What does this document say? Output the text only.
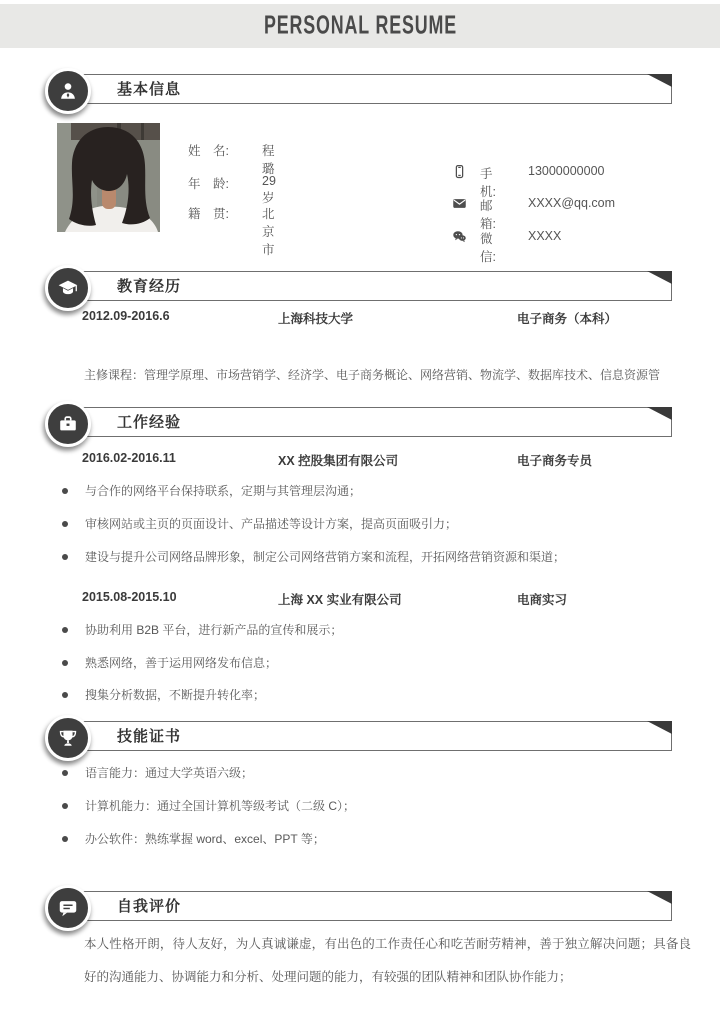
PERSONAL RESUME
基本信息
姓　名:	程璐
年　龄:	29 岁
籍　贯:	北京市
手机:
13000000000
邮箱:
XXXX@qq.com
微信:
XXXX
教育经历
2012.09-2016.6	上海科技大学	电子商务（本科）
主修课程：管理学原理、市场营销学、经济学、电子商务概论、网络营销、物流学、数据库技术、信息资源管
工作经验
2016.02-2016.11	XX 控股集团有限公司	电子商务专员
与合作的网络平台保持联系，定期与其管理层沟通；
审核网站或主页的页面设计、产品描述等设计方案，提高页面吸引力；
建设与提升公司网络品牌形象，制定公司网络营销方案和流程，开拓网络营销资源和渠道；
2015.08-2015.10	上海 XX 实业有限公司	电商实习
协助利用 B2B 平台，进行新产品的宣传和展示；
熟悉网络，善于运用网络发布信息；
搜集分析数据，不断提升转化率；
技能证书
语言能力：通过大学英语六级；
计算机能力：通过全国计算机等级考试（二级 C）；
办公软件：熟练掌握 word、excel、PPT 等；
自我评价
本人性格开朗，待人友好，为人真诚谦虚，有出色的工作责任心和吃苦耐劳精神，善于独立解决问题；具备良好的沟通能力、协调能力和分析、处理问题的能力，有较强的团队精神和团队协作能力；
